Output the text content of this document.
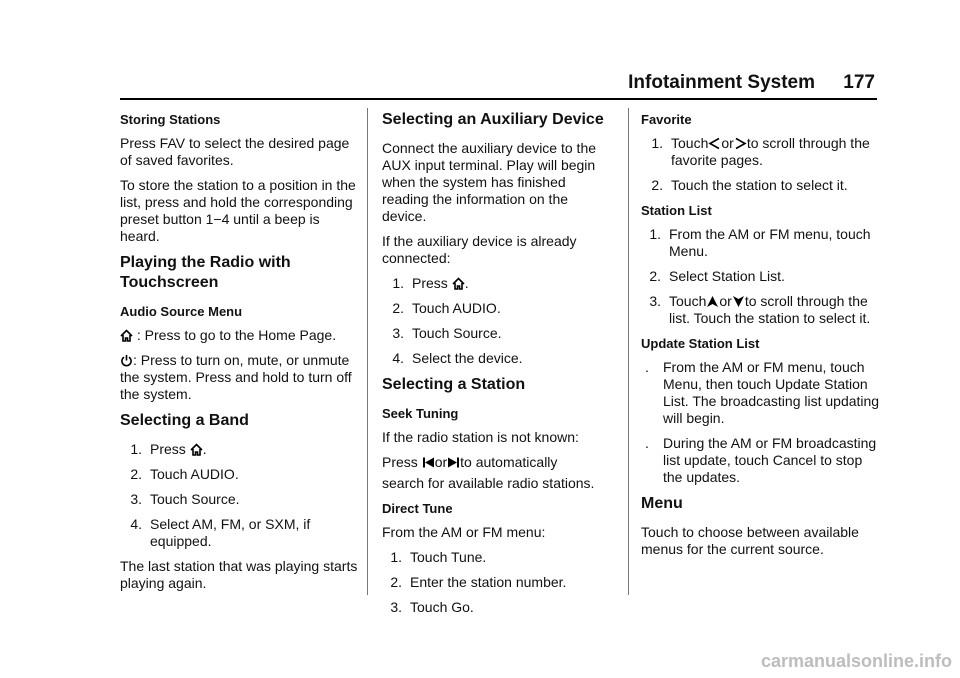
Infotainment System 177

Storing Stations

Press FAV to select the desired page of saved favorites.

To store the station to a position in the list, press and hold the corresponding preset button 1−4 until a beep is heard.

Playing the Radio with Touchscreen

Audio Source Menu

: Press to go to the Home Page.

: Press to turn on, mute, or unmute the system. Press and hold to turn off the system.

Selecting a Band
1. Press .
2. Touch AUDIO.
3. Touch Source.
4. Select AM, FM, or SXM, if equipped.

The last station that was playing starts playing again.

Selecting an Auxiliary Device

Connect the auxiliary device to the AUX input terminal. Play will begin when the system has finished reading the information on the device.

If the auxiliary device is already connected:

1. Press .
2. Touch AUDIO.
3. Touch Source.
4. Select the device.
Selecting a Station

Seek Tuning

If the radio station is not known:

Press or to automatically

search for available radio stations.

Direct Tune

From the AM or FM menu:

1. Touch Tune.
2. Enter the station number.
3. Touch Go.

Favorite

1. Touch or to scroll through the favorite pages.
2. Touch the station to select it.

Station List

1. From the AM or FM menu, touch Menu.
2. Select Station List.
3. Touch or to scroll through the list. Touch the station to select it.

Update Station List

.	From the AM or FM menu, touch Menu, then touch Update Station List. The broadcasting list updating will begin.
.	During the AM or FM broadcasting list update, touch Cancel to stop the updates.
Menu

Touch to choose between available menus for the current source.

carmanualsonline.info
